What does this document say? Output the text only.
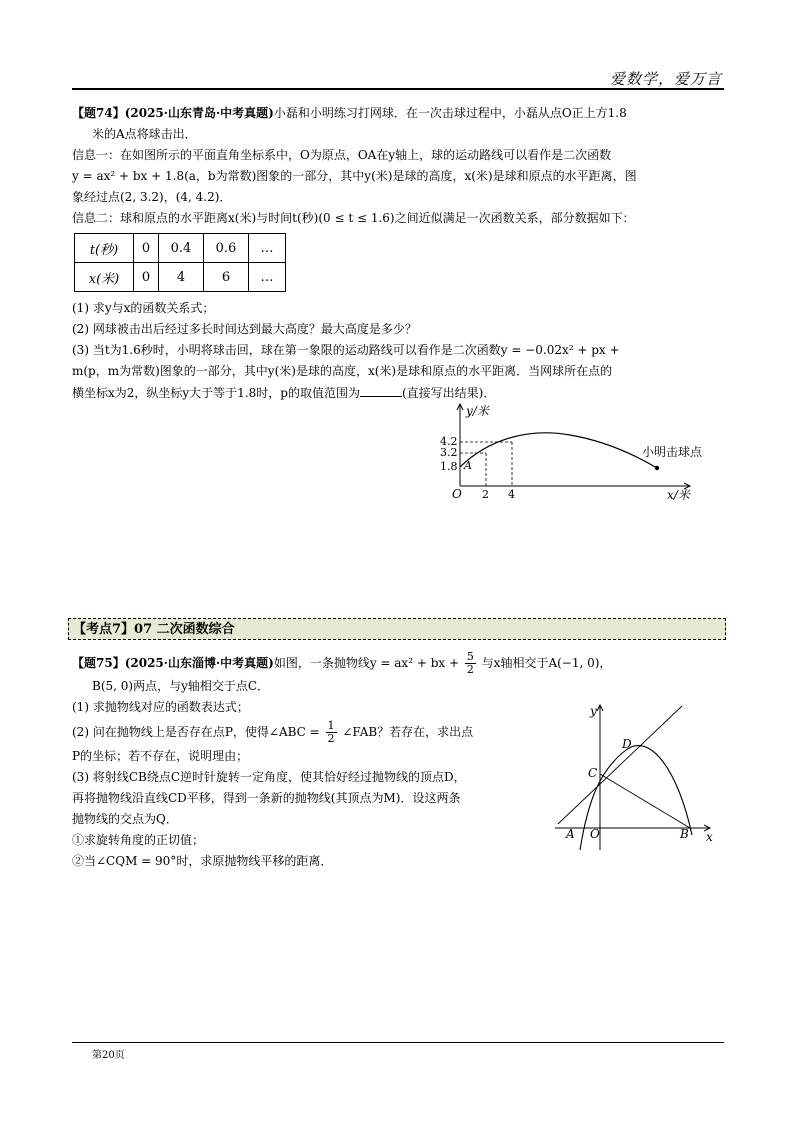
爱数学，爱万言
【题74】(2025·山东青岛·中考真题)小磊和小明练习打网球．在一次击球过程中，小磊从点O正上方1.8
米的A点将球击出．
信息一：在如图所示的平面直角坐标系中，O为原点，OA在y轴上，球的运动路线可以看作是二次函数
y = ax² + bx + 1.8(a，b为常数)图象的一部分，其中y(米)是球的高度，x(米)是球和原点的水平距离，图
象经过点(2, 3.2)，(4, 4.2)．
信息二：球和原点的水平距离x(米)与时间t(秒)(0 ≤ t ≤ 1.6)之间近似满足一次函数关系，部分数据如下：
t(秒)	0	0.4	0.6	…
x(米)	0	4	6	…
(1) 求y与x的函数关系式；
(2) 网球被击出后经过多长时间达到最大高度？最大高度是多少？
(3) 当t为1.6秒时，小明将球击回，球在第一象限的运动路线可以看作是二次函数y = −0.02x² + px +
m(p，m为常数)图象的一部分，其中y(米)是球的高度，x(米)是球和原点的水平距离．当网球所在点的
横坐标x为2，纵坐标y大于等于1.8时，p的取值范围为	(直接写出结果)．
y/米
x/米
O
A
4.2
3.2
1.8
2 4
小明击球点
【考点7】07 二次函数综合
【题75】(2025·山东淄博·中考真题)如图，一条抛物线y = ax² + bx + $\frac{5}{2}$ 与x轴相交于A(−1, 0)，
B(5, 0)两点，与y轴相交于点C．
(1) 求抛物线对应的函数表达式；
(2) 问在抛物线上是否存在点P，使得∠ABC = $\frac{1}{2}$ ∠FAB？若存在，求出点
P的坐标；若不存在，说明理由；
(3) 将射线CB绕点C逆时针旋转一定角度，使其恰好经过抛物线的顶点D，
再将抛物线沿直线CD平移，得到一条新的抛物线(其顶点为M)．设这两条
抛物线的交点为Q．
①求旋转角度的正切值；
②当∠CQM = 90°时，求原抛物线平移的距离．
y
x
D
C
A O	B
第20页
